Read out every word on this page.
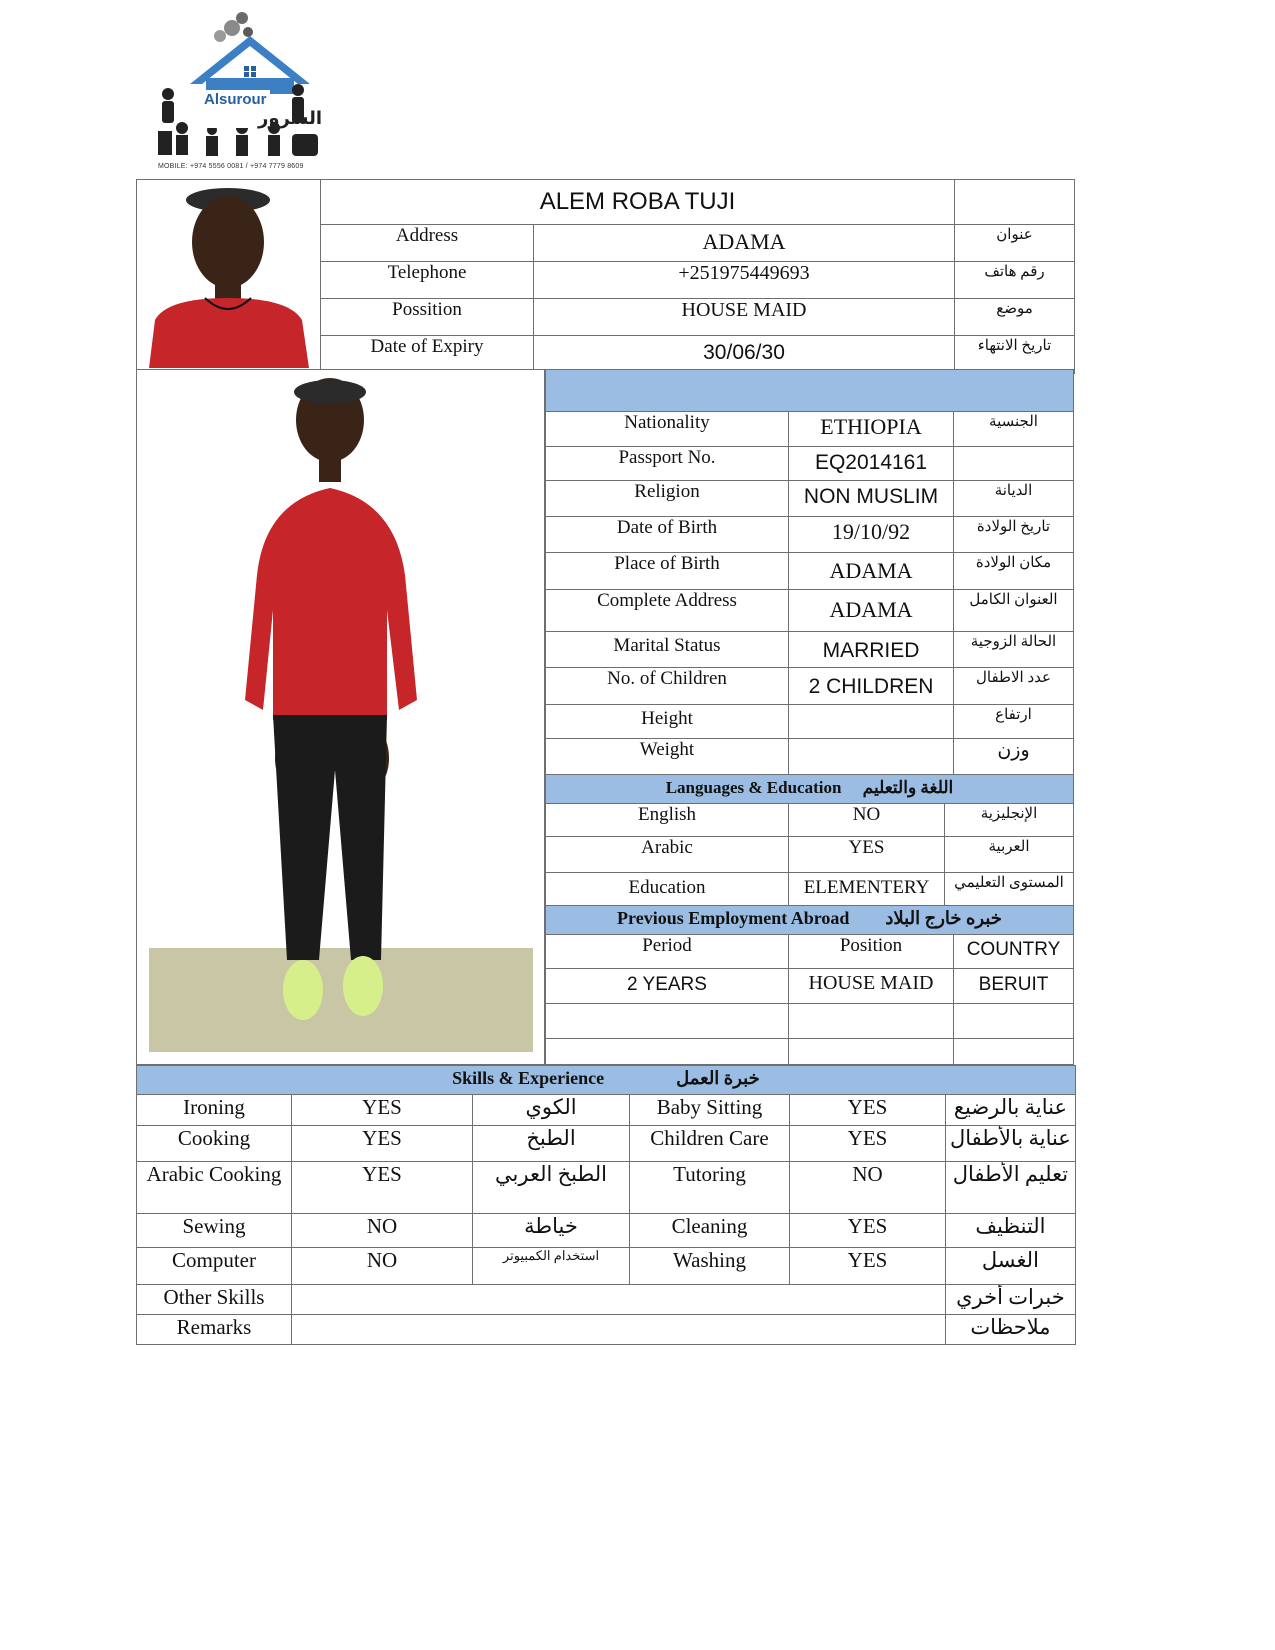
Alsurour
السرور
MOBILE: +974 5556 0081 / +974 7779 8609
	ALEM ROBA TUJI		
	Address	ADAMA	عنوان
	Telephone	+251975449693	رقم هاتف
	Possition	HOUSE MAID	موضع
	Date of Expiry	30/06/30	تاريخ الانتهاء

Nationality	ETHIOPIA		الجنسية
Passport No.	EQ2014161		
Religion	NON MUSLIM		الديانة
Date of Birth	19/10/92		تاريخ الولادة
Place of Birth	ADAMA		مكان الولادة
Complete Address	ADAMA		العنوان الكامل
Marital Status	MARRIED		الحالة الزوجية
No. of Children	2 CHILDREN		عدد الاطفال
Height			ارتفاع
Weight			وزن
Languages & Education اللغة والتعليم			
English	NO	الإنجليزية	
Arabic	YES	العربية	
Education	ELEMENTERY	المستوى التعليمي	
Previous Employment Abroad خبره خارج البلاد			
Period	Position		COUNTRY
2 YEARS	HOUSE MAID		BERUIT

Skills & Experience خبرة العمل					
Ironing	YES	الكوي	Baby Sitting	YES	عناية بالرضيع
Cooking	YES	الطبخ	Children Care	YES	عناية بالأطفال
Arabic Cooking	YES	الطبخ العربي	Tutoring	NO	تعليم الأطفال
Sewing	NO	خياطة	Cleaning	YES	التنظيف
Computer	NO	استخدام الكمبيوتر	Washing	YES	الغسل
Other Skills					خبرات أخري
Remarks					ملاحظات
